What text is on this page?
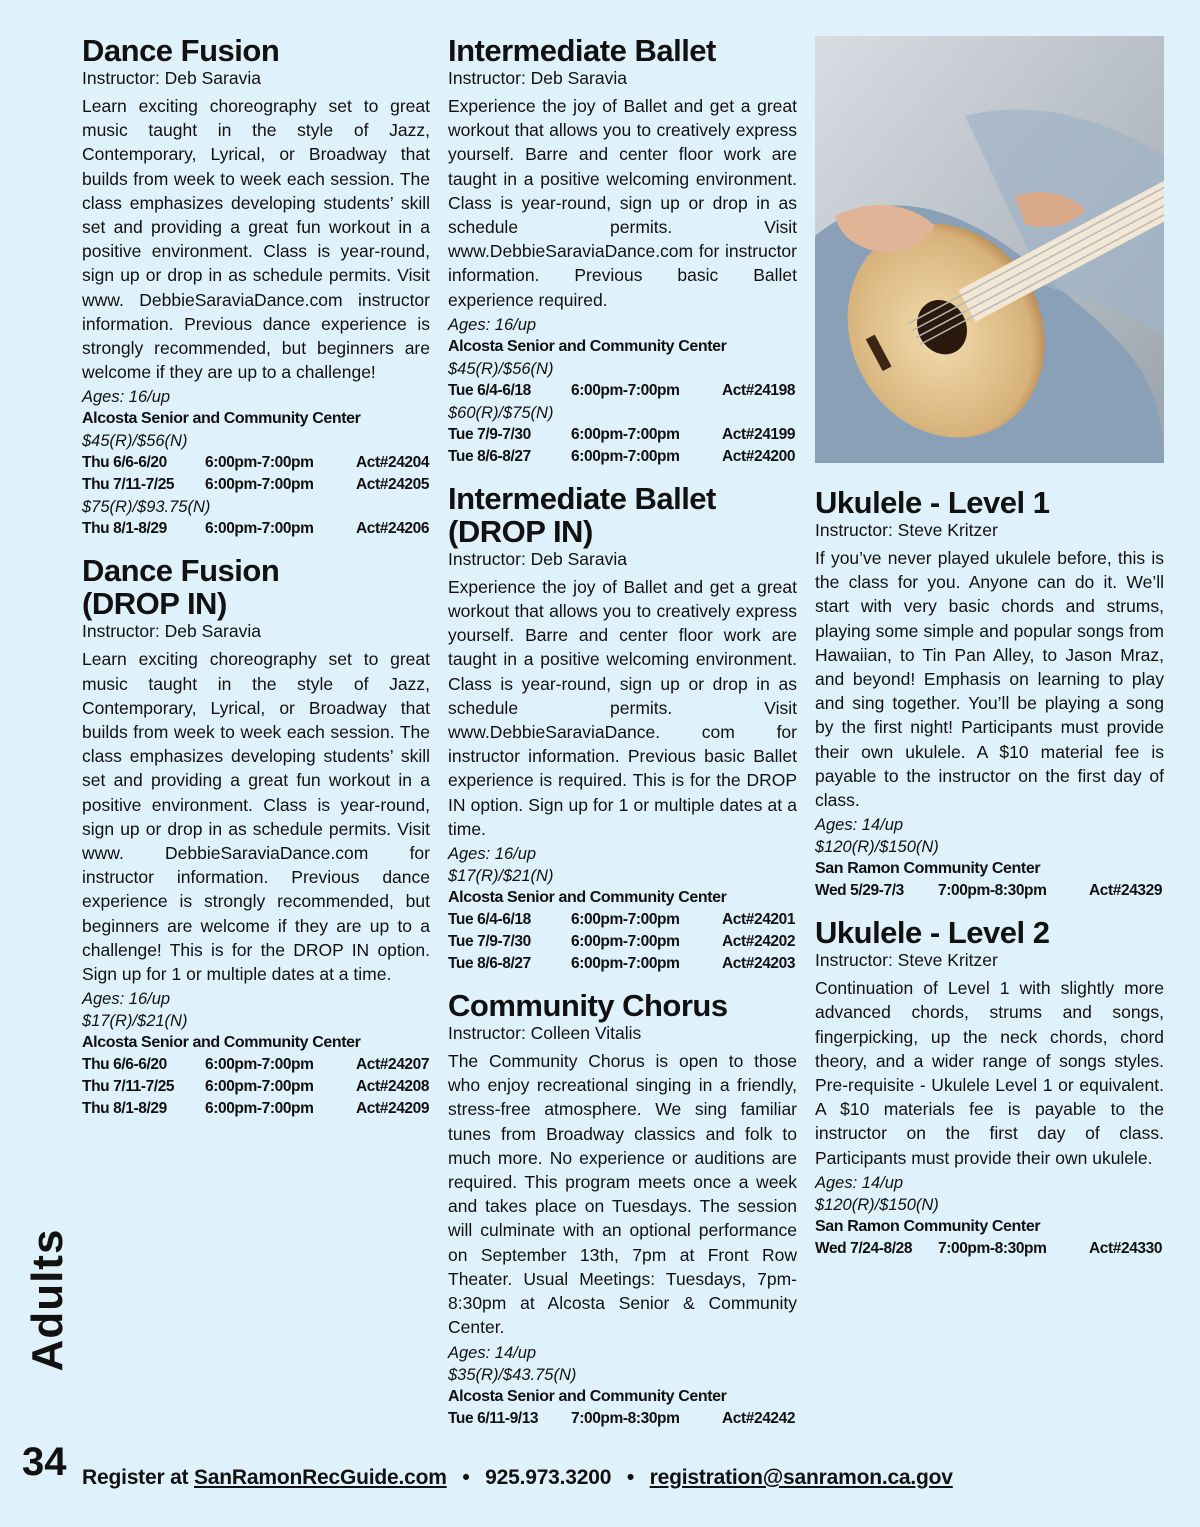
Dance Fusion

Instructor: Deb Saravia

Learn exciting choreography set to great music taught in the style of Jazz, Contemporary, Lyrical, or Broadway that builds from week to week each session. The class emphasizes developing students’ skill set and providing a great fun workout in a positive environment. Class is year-round, sign up or drop in as schedule permits. Visit www. DebbieSaraviaDance.com instructor information. Previous dance experience is strongly recommended, but beginners are welcome if they are up to a challenge!

Ages: 16/up

Alcosta Senior and Community Center

$45(R)/$56(N)

Thu 6/6-6/20	6:00pm-7:00pm	Act#24204
Thu 7/11-7/25	6:00pm-7:00pm	Act#24205

$75(R)/$93.75(N)

Thu 8/1-8/29	6:00pm-7:00pm	Act#24206
Dance Fusion
(DROP IN)

Instructor: Deb Saravia

Learn exciting choreography set to great music taught in the style of Jazz, Contemporary, Lyrical, or Broadway that builds from week to week each session. The class emphasizes developing students’ skill set and providing a great fun workout in a positive environment. Class is year-round, sign up or drop in as schedule permits. Visit www. DebbieSaraviaDance.com for instructor information. Previous dance experience is strongly recommended, but beginners are welcome if they are up to a challenge! This is for the DROP IN option. Sign up for 1 or multiple dates at a time.

Ages: 16/up

$17(R)/$21(N)

Alcosta Senior and Community Center

Thu 6/6-6/20	6:00pm-7:00pm	Act#24207
Thu 7/11-7/25	6:00pm-7:00pm	Act#24208
Thu 8/1-8/29	6:00pm-7:00pm	Act#24209
Intermediate Ballet

Instructor: Deb Saravia

Experience the joy of Ballet and get a great workout that allows you to creatively express yourself. Barre and center floor work are taught in a positive welcoming environment. Class is year-round, sign up or drop in as schedule permits. Visit www.DebbieSaraviaDance.com for instructor information. Previous basic Ballet experience required.

Ages: 16/up

Alcosta Senior and Community Center

$45(R)/$56(N)

Tue 6/4-6/18	6:00pm-7:00pm	Act#24198

$60(R)/$75(N)

Tue 7/9-7/30	6:00pm-7:00pm	Act#24199
Tue 8/6-8/27	6:00pm-7:00pm	Act#24200
Intermediate Ballet
(DROP IN)

Instructor: Deb Saravia

Experience the joy of Ballet and get a great workout that allows you to creatively express yourself. Barre and center floor work are taught in a positive welcoming environment. Class is year-round, sign up or drop in as schedule permits. Visit www.DebbieSaraviaDance. com for instructor information. Previous basic Ballet experience is required. This is for the DROP IN option. Sign up for 1 or multiple dates at a time.

Ages: 16/up

$17(R)/$21(N)

Alcosta Senior and Community Center

Tue 6/4-6/18	6:00pm-7:00pm	Act#24201
Tue 7/9-7/30	6:00pm-7:00pm	Act#24202
Tue 8/6-8/27	6:00pm-7:00pm	Act#24203
Community Chorus

Instructor: Colleen Vitalis

The Community Chorus is open to those who enjoy recreational singing in a friendly, stress-free atmosphere. We sing familiar tunes from Broadway classics and folk to much more. No experience or auditions are required. This program meets once a week and takes place on Tuesdays. The session will culminate with an optional performance on September 13th, 7pm at Front Row Theater. Usual Meetings: Tuesdays, 7pm-8:30pm at Alcosta Senior & Community Center.

Ages: 14/up

$35(R)/$43.75(N)

Alcosta Senior and Community Center

Tue 6/11-9/13	7:00pm-8:30pm	Act#24242
Ukulele - Level 1

Instructor: Steve Kritzer

If you’ve never played ukulele before, this is the class for you. Anyone can do it. We’ll start with very basic chords and strums, playing some simple and popular songs from Hawaiian, to Tin Pan Alley, to Jason Mraz, and beyond! Emphasis on learning to play and sing together. You’ll be playing a song by the first night! Participants must provide their own ukulele. A $10 material fee is payable to the instructor on the first day of class.

Ages: 14/up

$120(R)/$150(N)

San Ramon Community Center

Wed 5/29-7/3	7:00pm-8:30pm	Act#24329
Ukulele - Level 2

Instructor: Steve Kritzer

Continuation of Level 1 with slightly more advanced chords, strums and songs, fingerpicking, up the neck chords, chord theory, and a wider range of songs styles. Pre-requisite - Ukulele Level 1 or equivalent. A $10 materials fee is payable to the instructor on the first day of class. Participants must provide their own ukulele.

Ages: 14/up

$120(R)/$150(N)

San Ramon Community Center

Wed 7/24-8/28	7:00pm-8:30pm	Act#24330
Adults
34 Register at SanRamonRecGuide.com • 925.973.3200 • registration@sanramon.ca.gov
